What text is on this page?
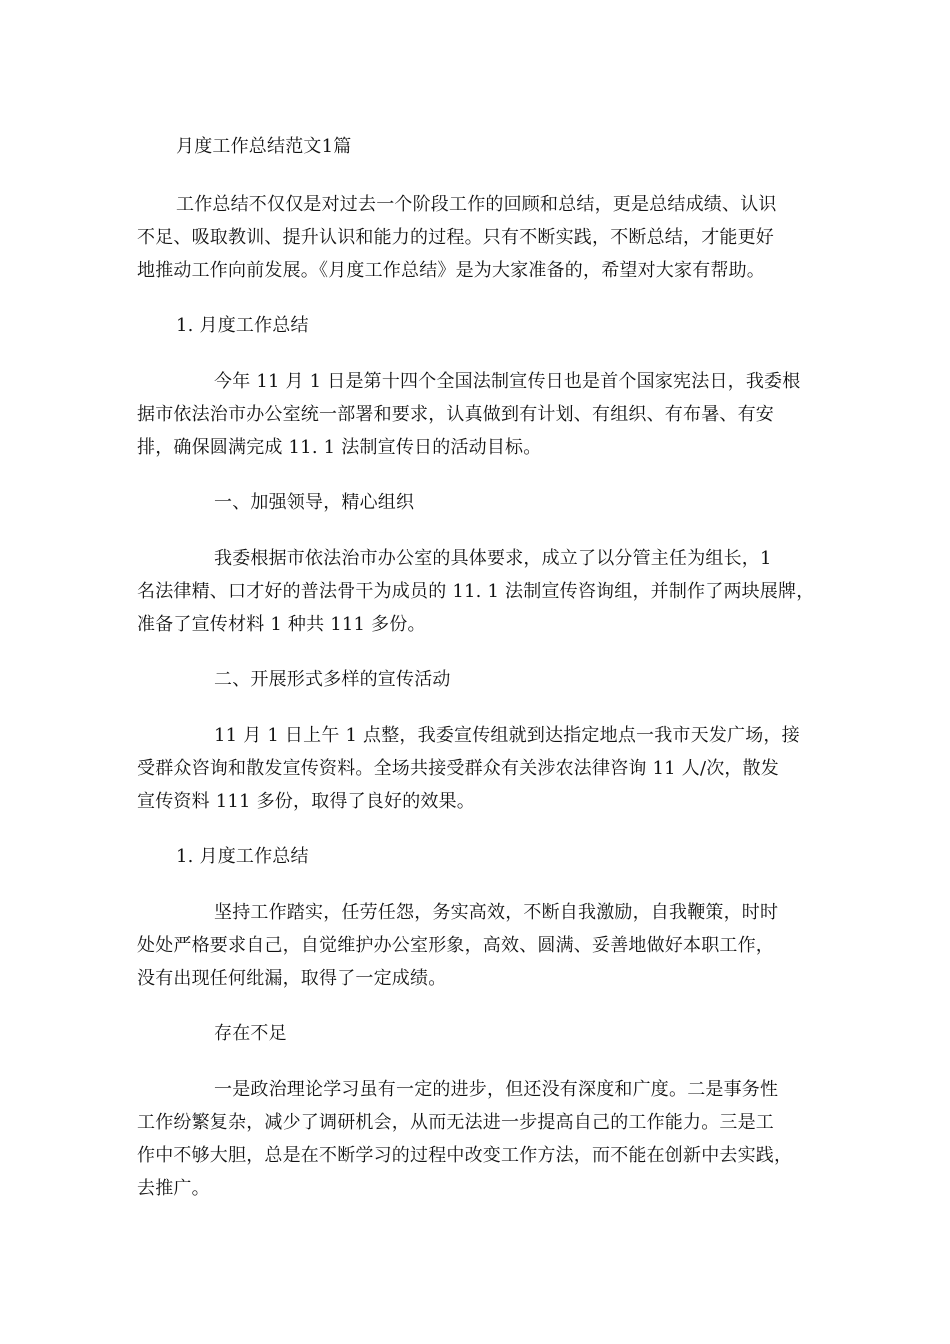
月度工作总结范文1篇
工作总结不仅仅是对过去一个阶段工作的回顾和总结，更是总结成绩、认识
不足、吸取教训、提升认识和能力的过程。只有不断实践，不断总结，才能更好
地推动工作向前发展。《月度工作总结》是为大家准备的，希望对大家有帮助。
1. 月度工作总结
今年 11 月 1 日是第十四个全国法制宣传日也是首个国家宪法日，我委根
据市依法治市办公室统一部署和要求，认真做到有计划、有组织、有布暑、有安
排，确保圆满完成 11. 1 法制宣传日的活动目标。
一、加强领导，精心组织
我委根据市依法治市办公室的具体要求，成立了以分管主任为组长，1
名法律精、口才好的普法骨干为成员的 11. 1 法制宣传咨询组，并制作了两块展牌，
准备了宣传材料 1 种共 111 多份。
二、开展形式多样的宣传活动
11 月 1 日上午 1 点整，我委宣传组就到达指定地点一我市天发广场，接
受群众咨询和散发宣传资料。全场共接受群众有关涉农法律咨询 11 人/次，散发
宣传资料 111 多份，取得了良好的效果。
1. 月度工作总结
坚持工作踏实，任劳任怨，务实高效，不断自我激励，自我鞭策，时时
处处严格要求自己，自觉维护办公室形象，高效、圆满、妥善地做好本职工作，
没有出现任何纰漏，取得了一定成绩。
存在不足
一是政治理论学习虽有一定的进步，但还没有深度和广度。二是事务性
工作纷繁复杂，减少了调研机会，从而无法进一步提高自己的工作能力。三是工
作中不够大胆，总是在不断学习的过程中改变工作方法，而不能在创新中去实践，
去推广。
